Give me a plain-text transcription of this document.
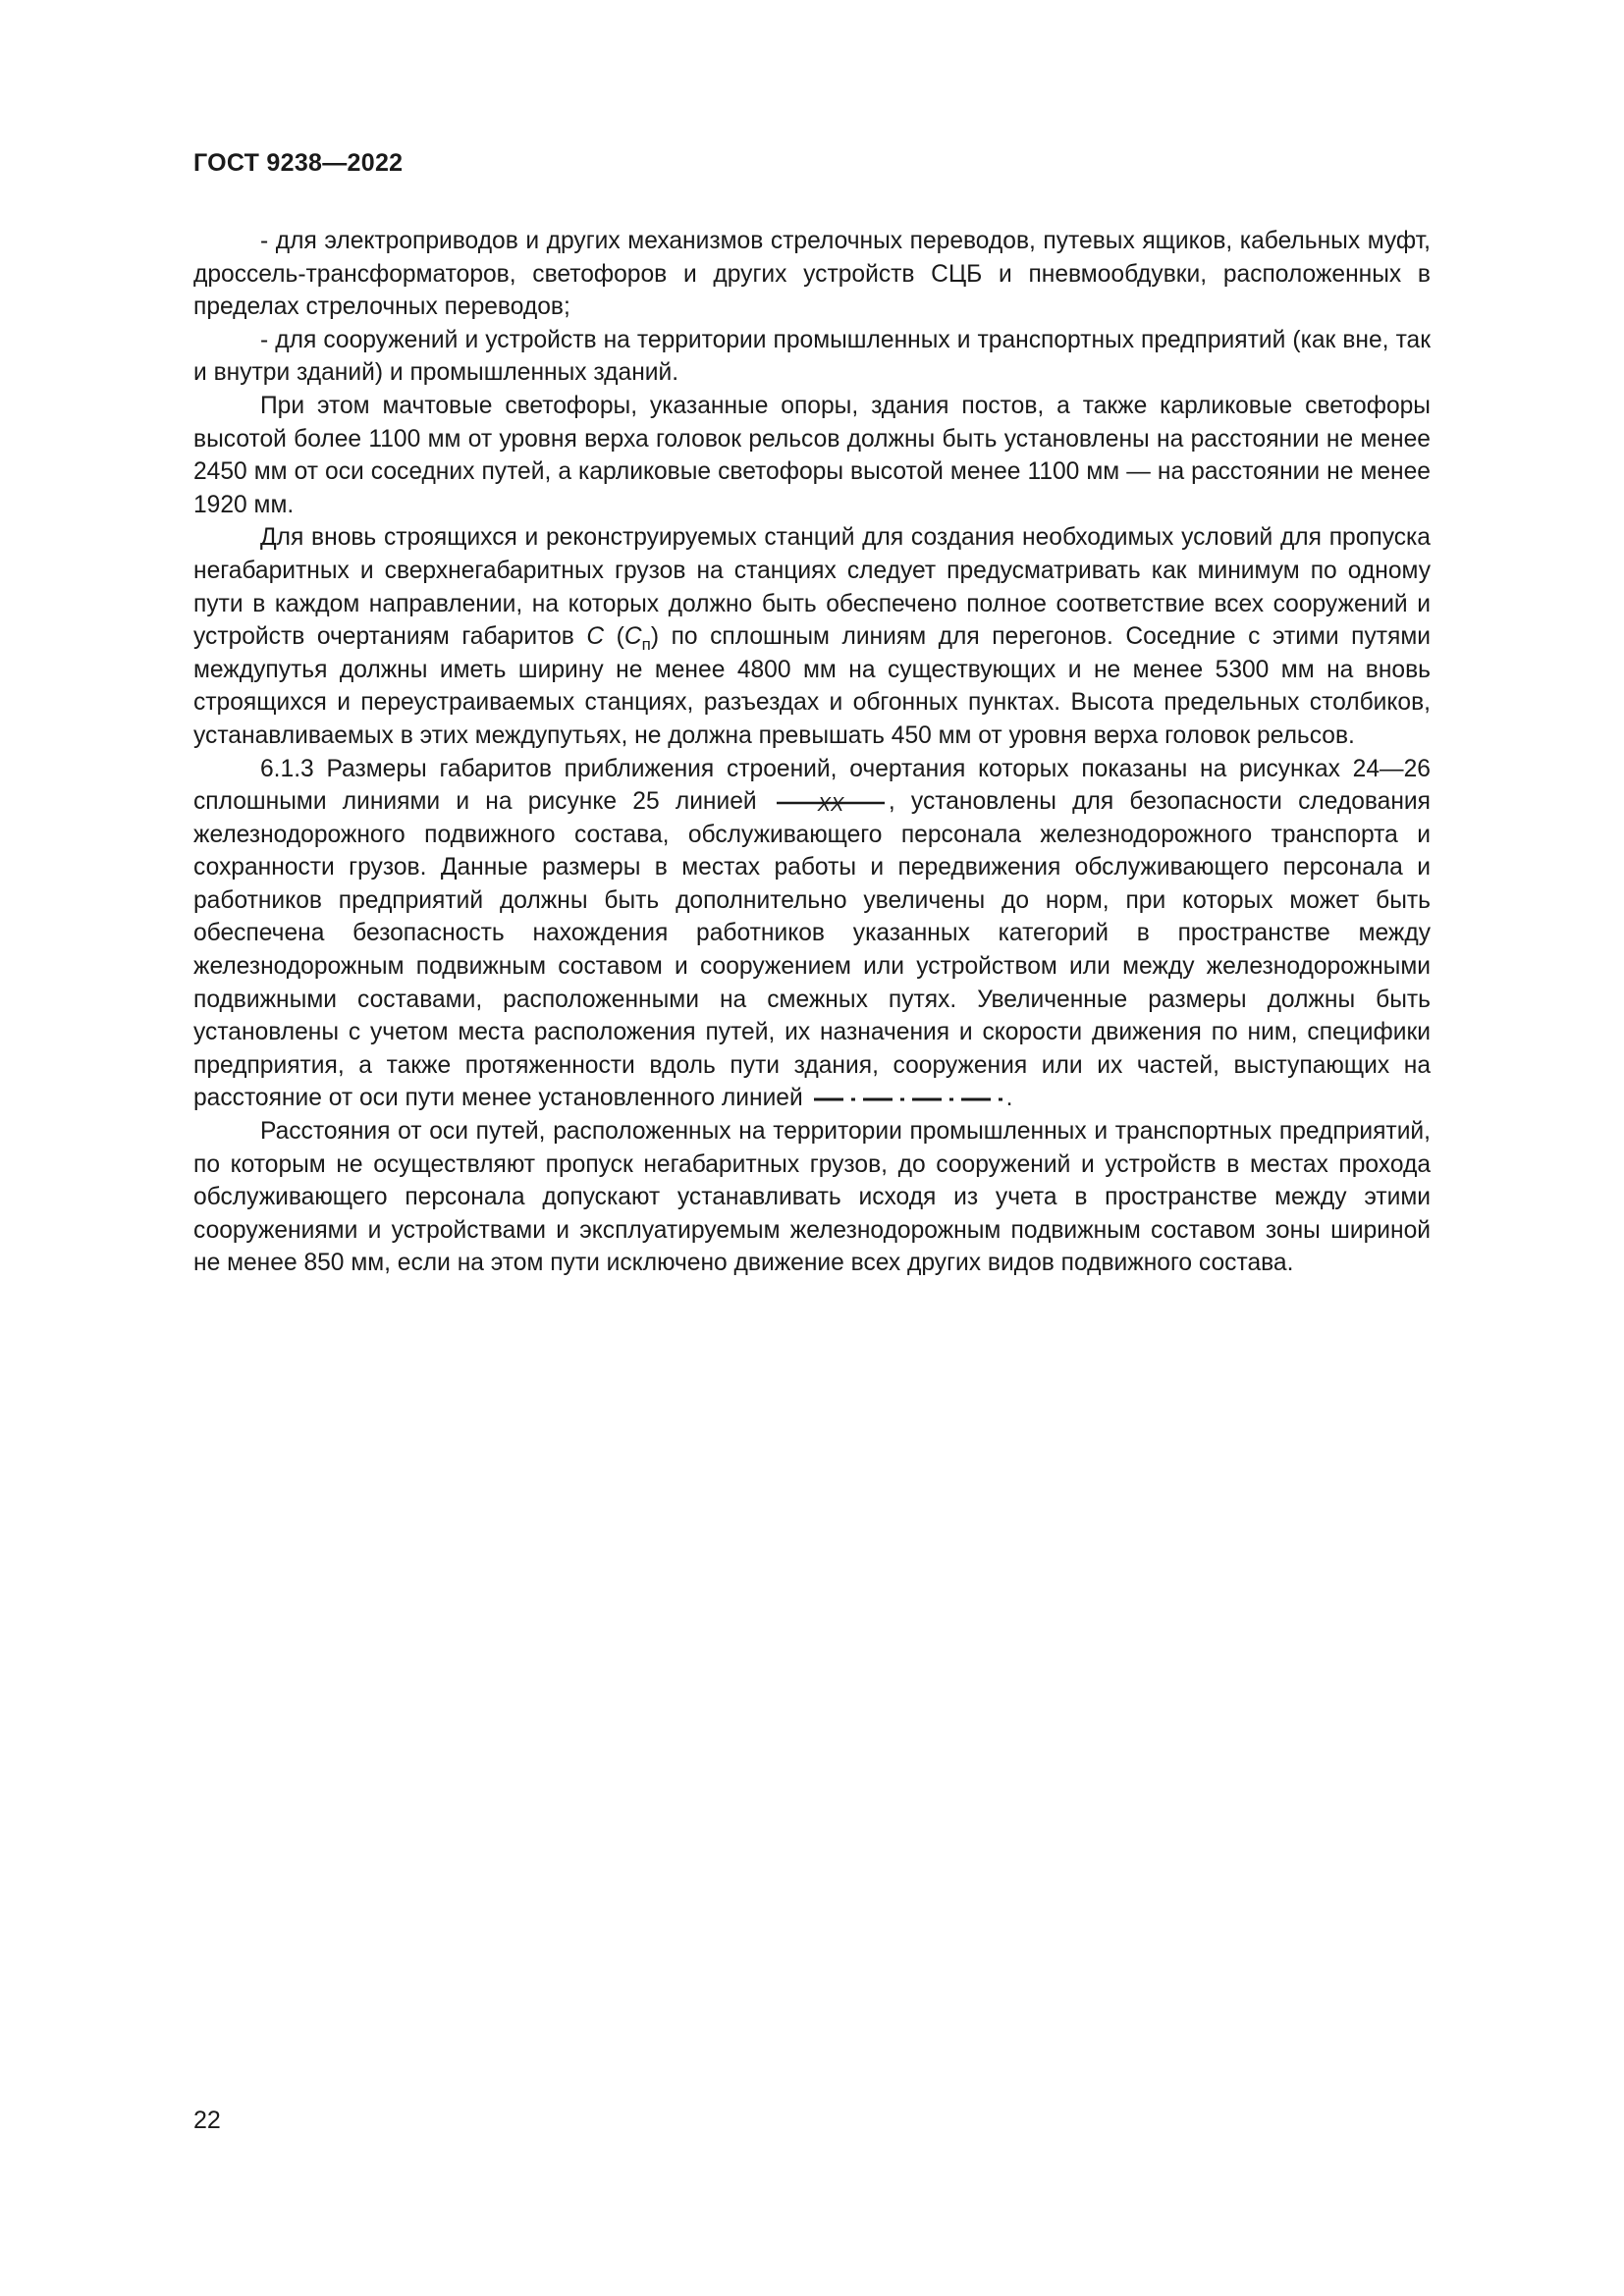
ГОСТ 9238—2022

- для электроприводов и других механизмов стрелочных переводов, путевых ящиков, кабельных муфт, дроссель-трансформаторов, светофоров и других устройств СЦБ и пневмообдувки, расположенных в пределах стрелочных переводов;

- для сооружений и устройств на территории промышленных и транспортных предприятий (как вне, так и внутри зданий) и промышленных зданий.

При этом мачтовые светофоры, указанные опоры, здания постов, а также карликовые светофоры высотой более 1100 мм от уровня верха головок рельсов должны быть установлены на расстоянии не менее 2450 мм от оси соседних путей, а карликовые светофоры высотой менее 1100 мм — на расстоянии не менее 1920 мм.

Для вновь строящихся и реконструируемых станций для создания необходимых условий для пропуска негабаритных и сверхнегабаритных грузов на станциях следует предусматривать как минимум по одному пути в каждом направлении, на которых должно быть обеспечено полное соответствие всех сооружений и устройств очертаниям габаритов С $(С_п)$ по сплошным линиям для перегонов. Соседние с этими путями междупутья должны иметь ширину не менее 4800 мм на существующих и не менее 5300 мм на вновь строящихся и переустраиваемых станциях, разъездах и обгонных пунктах. Высота предельных столбиков, устанавливаемых в этих междупутьях, не должна превышать 450 мм от уровня верха головок рельсов.

6.1.3 Размеры габаритов приближения строений, очертания которых показаны на рисунках 24—26 сплошными линиями и на рисунке 25 линией XX , установлены для безопасности следования железнодорожного подвижного состава, обслуживающего персонала железнодорожного транспорта и сохранности грузов. Данные размеры в местах работы и передвижения обслуживающего персонала и работников предприятий должны быть дополнительно увеличены до норм, при которых может быть обеспечена безопасность нахождения работников указанных категорий в пространстве между железнодорожным подвижным составом и сооружением или устройством или между железнодорожными подвижными составами, расположенными на смежных путях. Увеличенные размеры должны быть установлены с учетом места расположения путей, их назначения и скорости движения по ним, специфики предприятия, а также протяженности вдоль пути здания, сооружения или их частей, выступающих на расстояние от оси пути менее установленного линией	.

Расстояния от оси путей, расположенных на территории промышленных и транспортных предприятий, по которым не осуществляют пропуск негабаритных грузов, до сооружений и устройств в местах прохода обслуживающего персонала допускают устанавливать исходя из учета в пространстве между этими сооружениями и устройствами и эксплуатируемым железнодорожным подвижным составом зоны шириной не менее 850 мм, если на этом пути исключено движение всех других видов подвижного состава.

22
